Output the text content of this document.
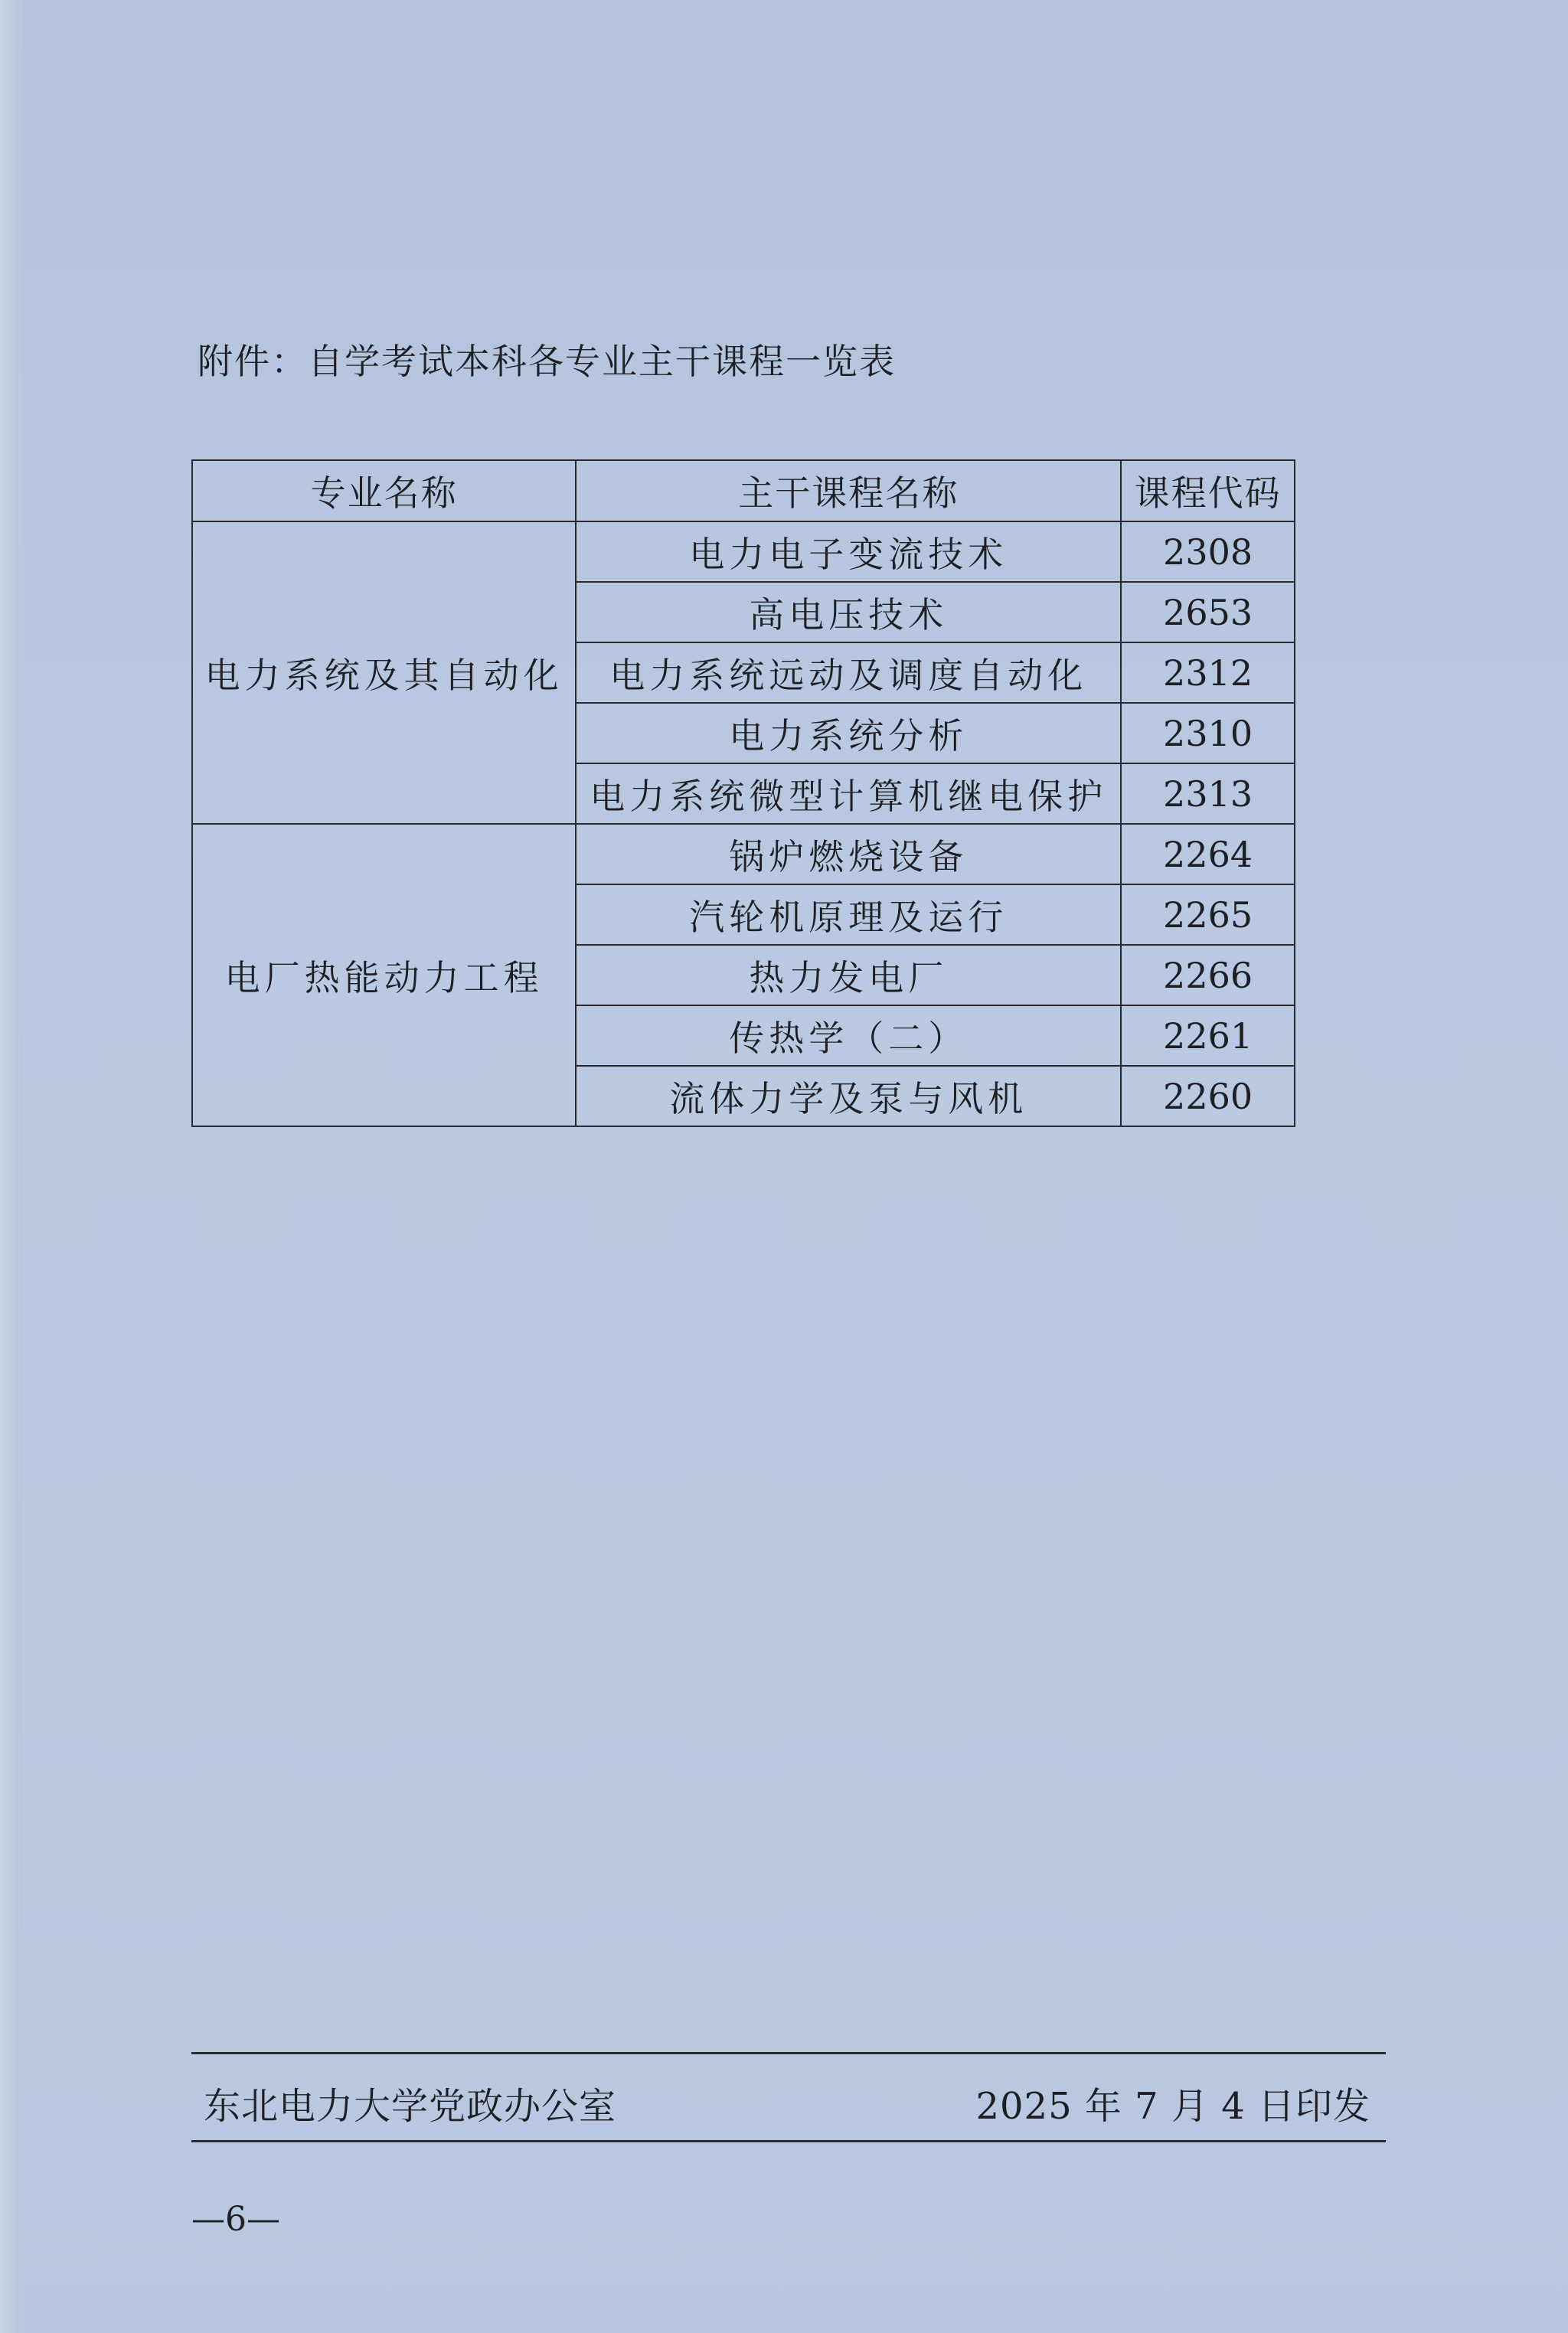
附件：自学考试本科各专业主干课程一览表
专业名称	主干课程名称	课程代码
电力系统及其自动化	电力电子变流技术	2308
	高电压技术	2653
	电力系统远动及调度自动化	2312
	电力系统分析	2310
	电力系统微型计算机继电保护	2313
电厂热能动力工程	锅炉燃烧设备	2264
	汽轮机原理及运行	2265
	热力发电厂	2266
	传热学（二）	2261
	流体力学及泵与风机	2260
东北电力大学党政办公室	2025 年 7 月 4 日印发
—6—
